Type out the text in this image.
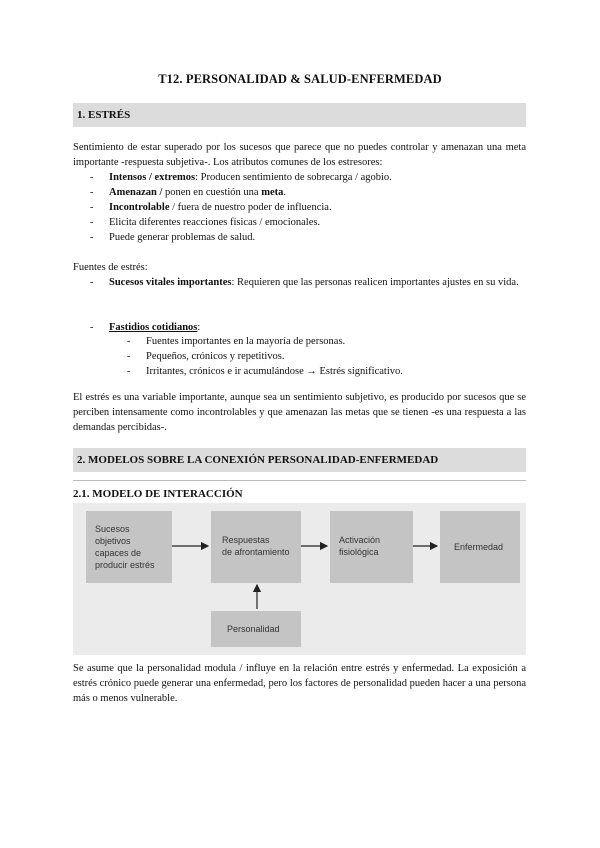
T12. PERSONALIDAD & SALUD-ENFERMEDAD
1. ESTRÉS
Sentimiento de estar superado por los sucesos que parece que no puedes controlar y amenazan una meta importante -respuesta subjetiva-. Los atributos comunes de los estresores:
- Intensos / extremos: Producen sentimiento de sobrecarga / agobio.
- Amenazan / ponen en cuestión una meta.
- Incontrolable / fuera de nuestro poder de influencia.
- Elicita diferentes reacciones físicas / emocionales.
- Puede generar problemas de salud.
Fuentes de estrés:
- Sucesos vitales importantes: Requieren que las personas realicen importantes ajustes en su vida.
- Fastidios cotidianos:
- Fuentes importantes en la mayoría de personas.
- Pequeños, crónicos y repetitivos.
- Irritantes, crónicos e ir acumulándose → Estrés significativo.
El estrés es una variable importante, aunque sea un sentimiento subjetivo, es producido por sucesos que se perciben intensamente como incontrolables y que amenazan las metas que se tienen -es una respuesta a las demandas percibidas-.
2. MODELOS SOBRE LA CONEXIÓN PERSONALIDAD-ENFERMEDAD
2.1. MODELO DE INTERACCIÓN
Sucesos
objetivos
capaces de
producir estrés
Respuestas
de afrontamiento
Activación
fisiológica	Enfermedad
Personalidad
Se asume que la personalidad modula / influye en la relación entre estrés y enfermedad. La exposición a estrés crónico puede generar una enfermedad, pero los factores de personalidad pueden hacer a una persona más o menos vulnerable.
